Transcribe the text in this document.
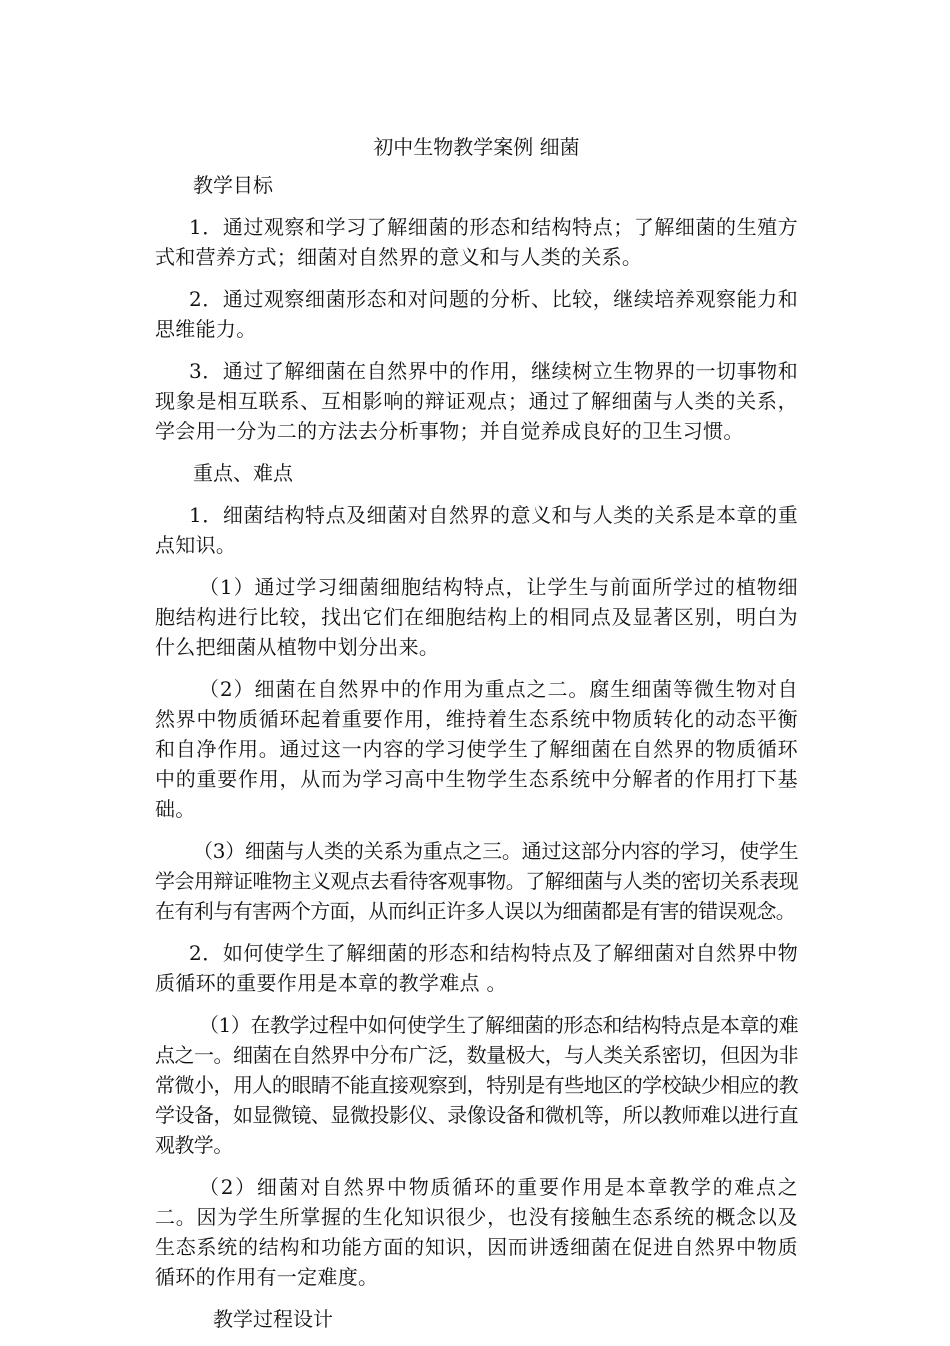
初中生物教学案例 细菌
教学目标

1．通过观察和学习了解细菌的形态和结构特点；了解细菌的生殖方式和营养方式；细菌对自然界的意义和与人类的关系。

2．通过观察细菌形态和对问题的分析、比较，继续培养观察能力和思维能力。

3．通过了解细菌在自然界中的作用，继续树立生物界的一切事物和现象是相互联系、互相影响的辩证观点；通过了解细菌与人类的关系，学会用一分为二的方法去分析事物；并自觉养成良好的卫生习惯。

重点、难点

1．细菌结构特点及细菌对自然界的意义和与人类的关系是本章的重点知识。

（1）通过学习细菌细胞结构特点，让学生与前面所学过的植物细胞结构进行比较，找出它们在细胞结构上的相同点及显著区别，明白为什么把细菌从植物中划分出来。

（2）细菌在自然界中的作用为重点之二。腐生细菌等微生物对自然界中物质循环起着重要作用，维持着生态系统中物质转化的动态平衡和自净作用。通过这一内容的学习使学生了解细菌在自然界的物质循环中的重要作用，从而为学习高中生物学生态系统中分解者的作用打下基础。

（3）细菌与人类的关系为重点之三。通过这部分内容的学习，使学生学会用辩证唯物主义观点去看待客观事物。了解细菌与人类的密切关系表现在有利与有害两个方面，从而纠正许多人误以为细菌都是有害的错误观念。

2．如何使学生了解细菌的形态和结构特点及了解细菌对自然界中物质循环的重要作用是本章的教学难点 。

（1）在教学过程中如何使学生了解细菌的形态和结构特点是本章的难点之一。细菌在自然界中分布广泛，数量极大，与人类关系密切，但因为非常微小，用人的眼睛不能直接观察到，特别是有些地区的学校缺少相应的教学设备，如显微镜、显微投影仪、录像设备和微机等，所以教师难以进行直观教学。

（2）细菌对自然界中物质循环的重要作用是本章教学的难点之二。因为学生所掌握的生化知识很少，也没有接触生态系统的概念以及生态系统的结构和功能方面的知识，因而讲透细菌在促进自然界中物质循环的作用有一定难度。

教学过程设计
